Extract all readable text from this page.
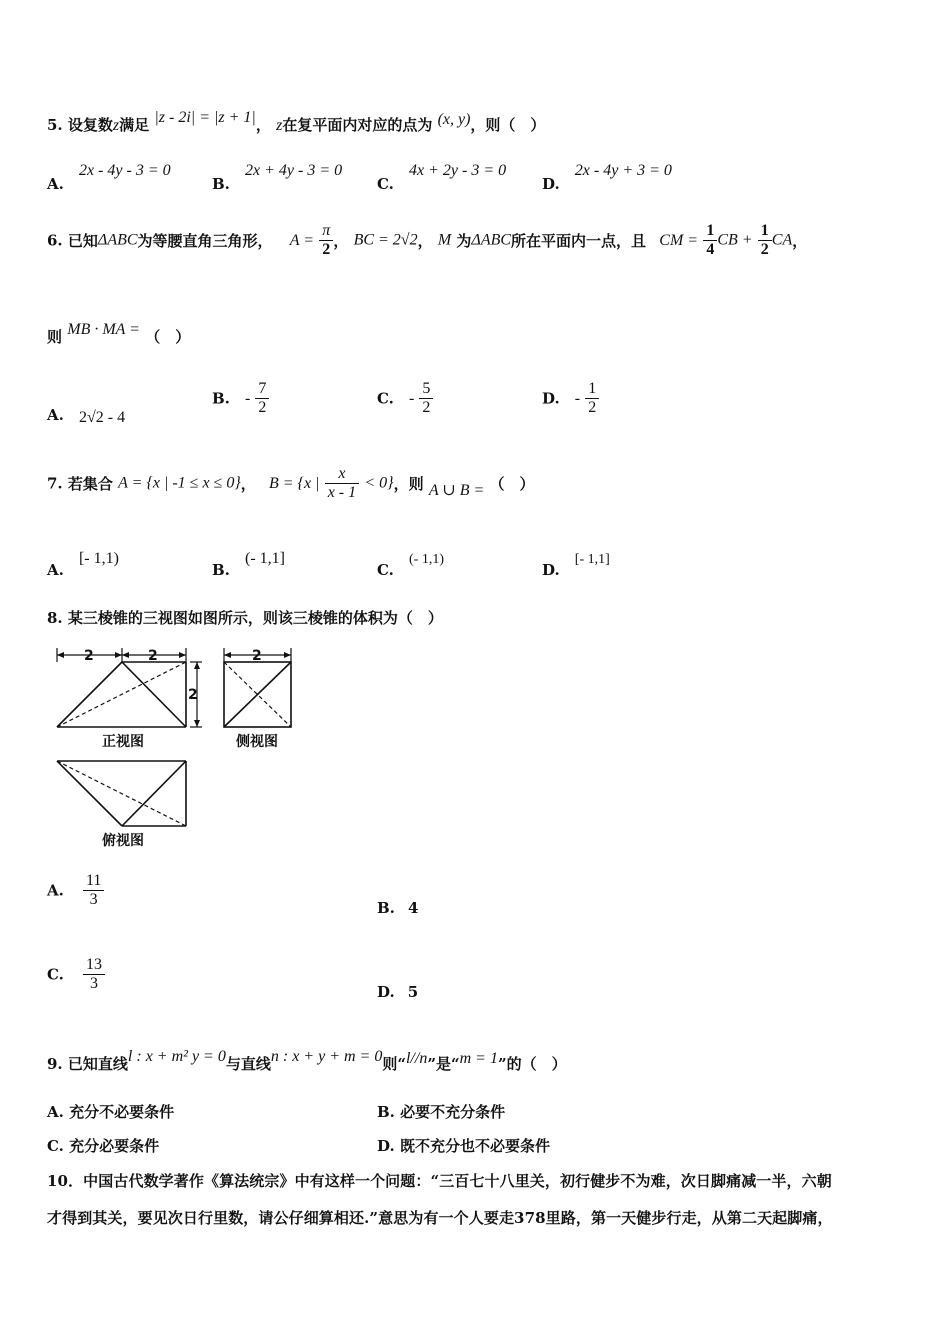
5. 设复数z满足 |z - 2i| = |z + 1|， z在复平面内对应的点为 (x, y)，则（　）
A. 2x - 4y - 3 = 0
B. 2x + 4y - 3 = 0
C. 4x + 2y - 3 = 0
D. 2x - 4y + 3 = 0
6. 已知ΔABC为等腰直角三角形， $A = \frac{\pi}{2}$ ， BC = 2√2， M 为ΔABC所在平面内一点，且 CM = $\frac{1}{4}$ CB + $\frac{1}{2}$ CA，
则 MB · MA = （　）
A. 2√2 - 4
B. - $\frac{7}{2}$	C. - $\frac{5}{2}$	D. - $\frac{1}{2}$
7. 若集合 A = {x | -1 ≤ x ≤ 0}， B = {x | $\frac{x}{x - 1} < 0$}，则 A ∪ B = （　）
A. [- 1,1)
B. (- 1,1]
C. (- 1,1)
D. [- 1,1]
8. 某三棱锥的三视图如图所示，则该三棱锥的体积为（　）
2	2
2
正视图
2
侧视图
俯视图
A. $\frac{11}{3}$	B. 4
C. $\frac{13}{3}$	D. 5
9. 已知直线l : x + m² y = 0与直线n : x + y + m = 0则“l//n”是“m = 1”的（　）
A. 充分不必要条件	B. 必要不充分条件
C. 充分必要条件	D. 既不充分也不必要条件
10．中国古代数学著作《算法统宗》中有这样一个问题：“三百七十八里关，初行健步不为难，次日脚痛减一半，六朝
才得到其关，要见次日行里数，请公仔细算相还.”意思为有一个人要走378里路，第一天健步行走，从第二天起脚痛，
